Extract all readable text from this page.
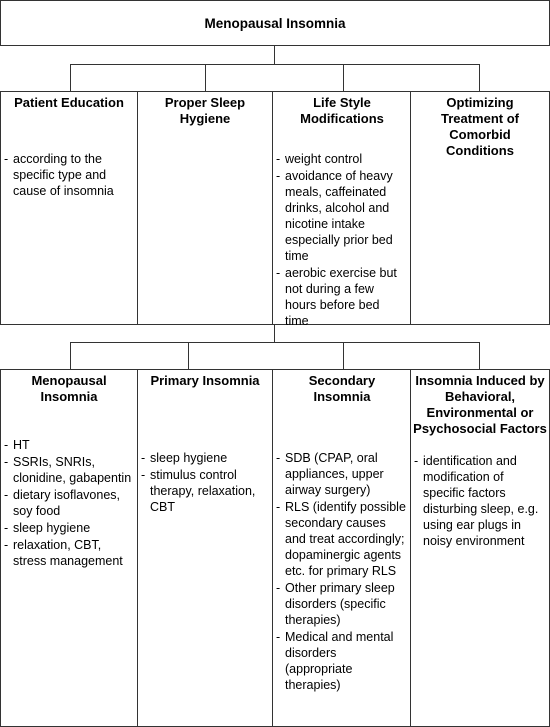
Menopausal Insomnia
Patient Education	Proper Sleep Hygiene
Life Style Modifications
Optimizing Treatment of Comorbid Conditions
- according to the specific type and cause of insomnia
- weight control
- avoidance of heavy meals, caffeinated drinks, alcohol and nicotine intake especially prior bed time
- aerobic exercise but not during a few hours before bed time
Menopausal Insomnia
Primary Insomnia	Secondary Insomnia
Insomnia Induced by Behavioral, Environmental or Psychosocial Factors
- HT
- SSRIs, SNRIs, clonidine, gabapentin
- dietary isoflavones, soy food
- sleep hygiene
- relaxation, CBT, stress management
- sleep hygiene
- stimulus control therapy, relaxation, CBT
- SDB (CPAP, oral appliances, upper airway surgery)
- RLS (identify possible secondary causes and treat accordingly; dopaminergic agents etc. for primary RLS
- Other primary sleep disorders (specific therapies)
- Medical and mental disorders (appropriate therapies)
- identification and modification of specific factors disturbing sleep, e.g. using ear plugs in noisy environment
